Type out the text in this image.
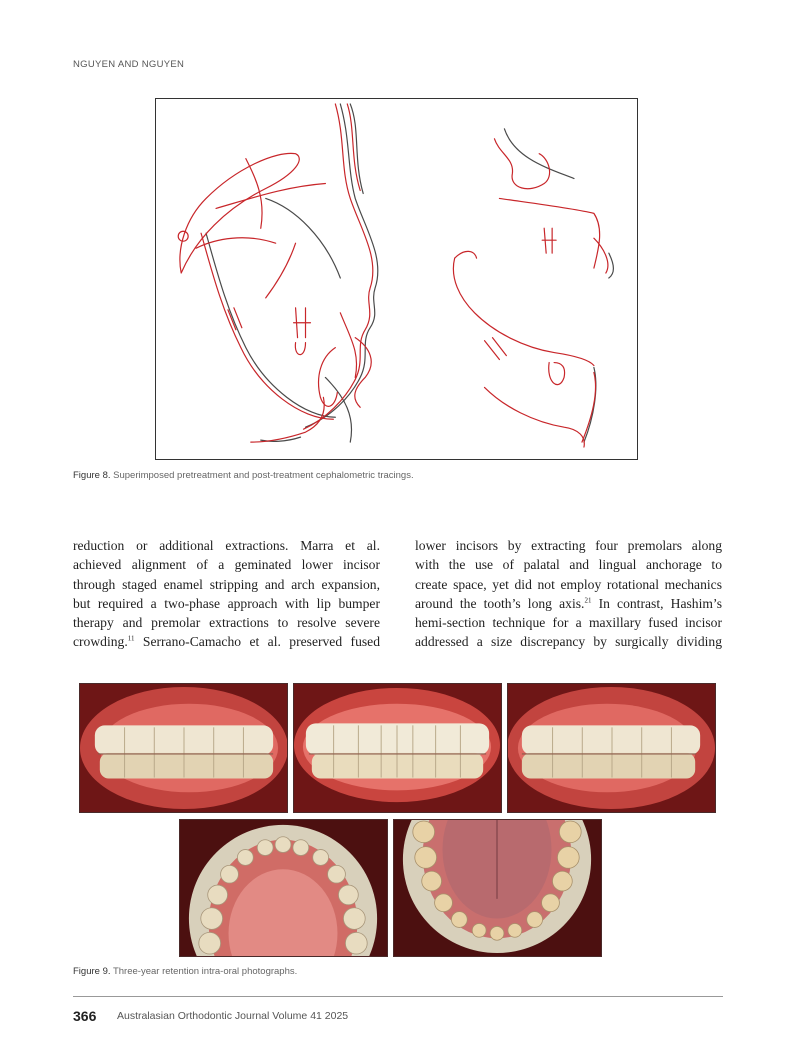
NGUYEN AND NGUYEN
Figure 8. Superimposed pretreatment and post-treatment cephalometric tracings.
reduction or additional extractions. Marra et al.
achieved alignment of a geminated lower incisor
through staged enamel stripping and arch expansion,
but required a two-phase approach with lip bumper
therapy and premolar extractions to resolve severe
crowding.$^{11}$ Serrano-Camacho et al. preserved fused
lower incisors by extracting four premolars along
with the use of palatal and lingual anchorage to
create space, yet did not employ rotational mechanics
around the tooth’s long axis.$^{21}$ In contrast, Hashim’s
hemi-section technique for a maxillary fused incisor
addressed a size discrepancy by surgically dividing
Figure 9. Three-year retention intra-oral photographs.
366 Australasian Orthodontic Journal Volume 41 2025
